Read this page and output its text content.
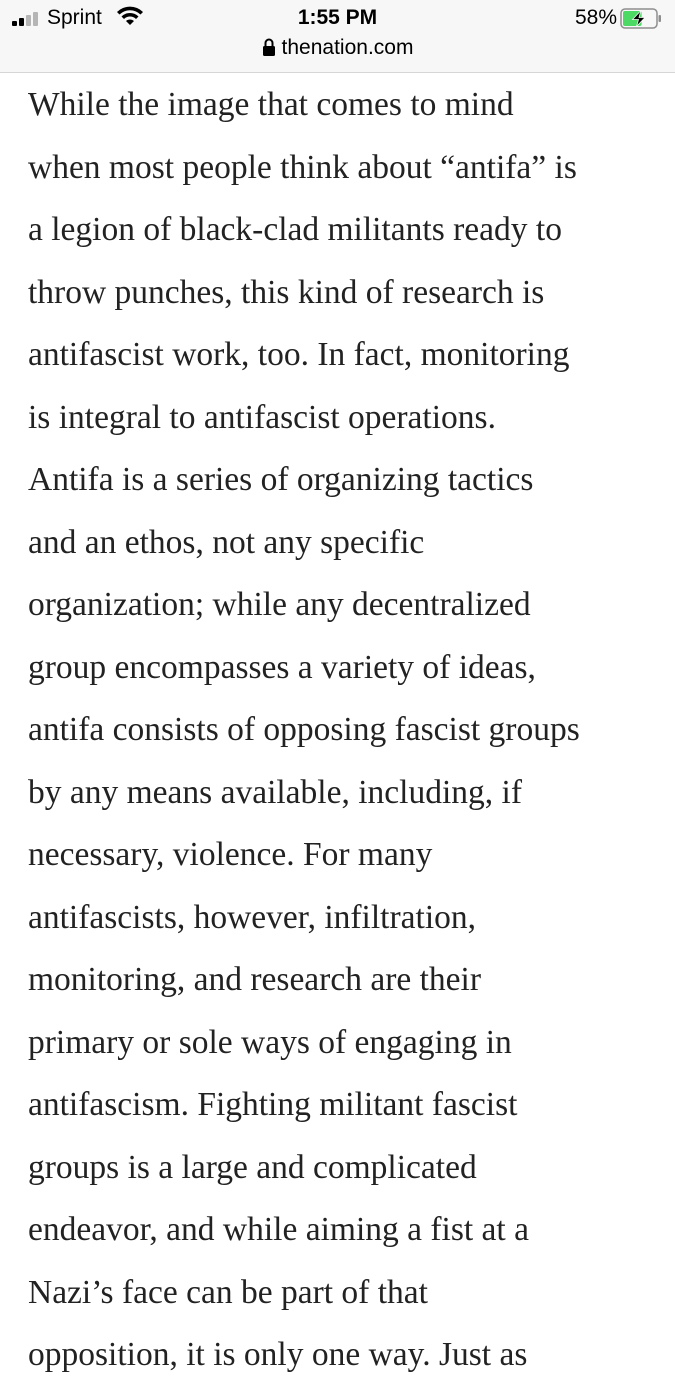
Sprint	1:55 PM	58%
thenation.com

While the image that comes to mind
when most people think about “antifa” is
a legion of black-clad militants ready to
throw punches, this kind of research is
antifascist work, too. In fact, monitoring
is integral to antifascist operations.
Antifa is a series of organizing tactics
and an ethos, not any specific
organization; while any decentralized
group encompasses a variety of ideas,
antifa consists of opposing fascist groups
by any means available, including, if
necessary, violence. For many
antifascists, however, infiltration,
monitoring, and research are their
primary or sole ways of engaging in
antifascism. Fighting militant fascist
groups is a large and complicated
endeavor, and while aiming a fist at a
Nazi’s face can be part of that
opposition, it is only one way. Just as
